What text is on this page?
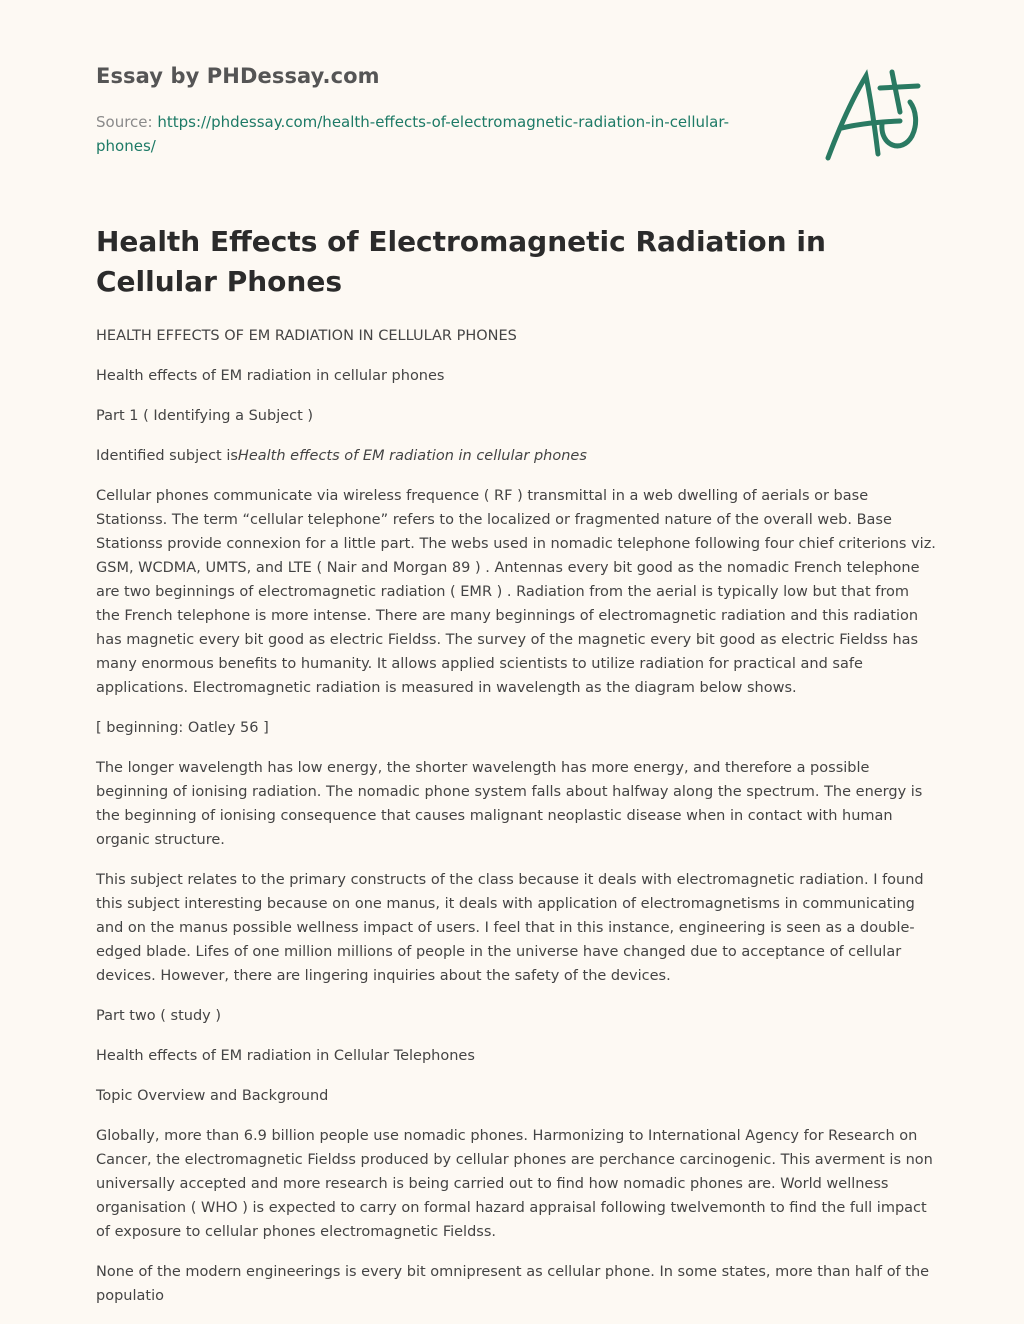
Essay by PHDessay.com
Source: https://phdessay.com/health-effects-of-electromagnetic-radiation-in-cellular-phones/
Health Effects of Electromagnetic Radiation in Cellular Phones

HEALTH EFFECTS OF EM RADIATION IN CELLULAR PHONES

Health effects of EM radiation in cellular phones

Part 1 ( Identifying a Subject )

Identified subject isHealth effects of EM radiation in cellular phones

Cellular phones communicate via wireless frequence ( RF ) transmittal in a web dwelling of aerials or base Stationss. The term “cellular telephone” refers to the localized or fragmented nature of the overall web. Base Stationss provide connexion for a little part. The webs used in nomadic telephone following four chief criterions viz. GSM, WCDMA, UMTS, and LTE ( Nair and Morgan 89 ) . Antennas every bit good as the nomadic French telephone are two beginnings of electromagnetic radiation ( EMR ) . Radiation from the aerial is typically low but that from the French telephone is more intense. There are many beginnings of electromagnetic radiation and this radiation has magnetic every bit good as electric Fieldss. The survey of the magnetic every bit good as electric Fieldss has many enormous benefits to humanity. It allows applied scientists to utilize radiation for practical and safe applications. Electromagnetic radiation is measured in wavelength as the diagram below shows.

[ beginning: Oatley 56 ]

The longer wavelength has low energy, the shorter wavelength has more energy, and therefore a possible beginning of ionising radiation. The nomadic phone system falls about halfway along the spectrum. The energy is the beginning of ionising consequence that causes malignant neoplastic disease when in contact with human organic structure.

This subject relates to the primary constructs of the class because it deals with electromagnetic radiation. I found this subject interesting because on one manus, it deals with application of electromagnetisms in communicating and on the manus possible wellness impact of users. I feel that in this instance, engineering is seen as a double-edged blade. Lifes of one million millions of people in the universe have changed due to acceptance of cellular devices. However, there are lingering inquiries about the safety of the devices.

Part two ( study )

Health effects of EM radiation in Cellular Telephones

Topic Overview and Background

Globally, more than 6.9 billion people use nomadic phones. Harmonizing to International Agency for Research on Cancer, the electromagnetic Fieldss produced by cellular phones are perchance carcinogenic. This averment is non universally accepted and more research is being carried out to find how nomadic phones are. World wellness organisation ( WHO ) is expected to carry on formal hazard appraisal following twelvemonth to find the full impact of exposure to cellular phones electromagnetic Fieldss.

None of the modern engineerings is every bit omnipresent as cellular phone. In some states, more than half of the populatio
